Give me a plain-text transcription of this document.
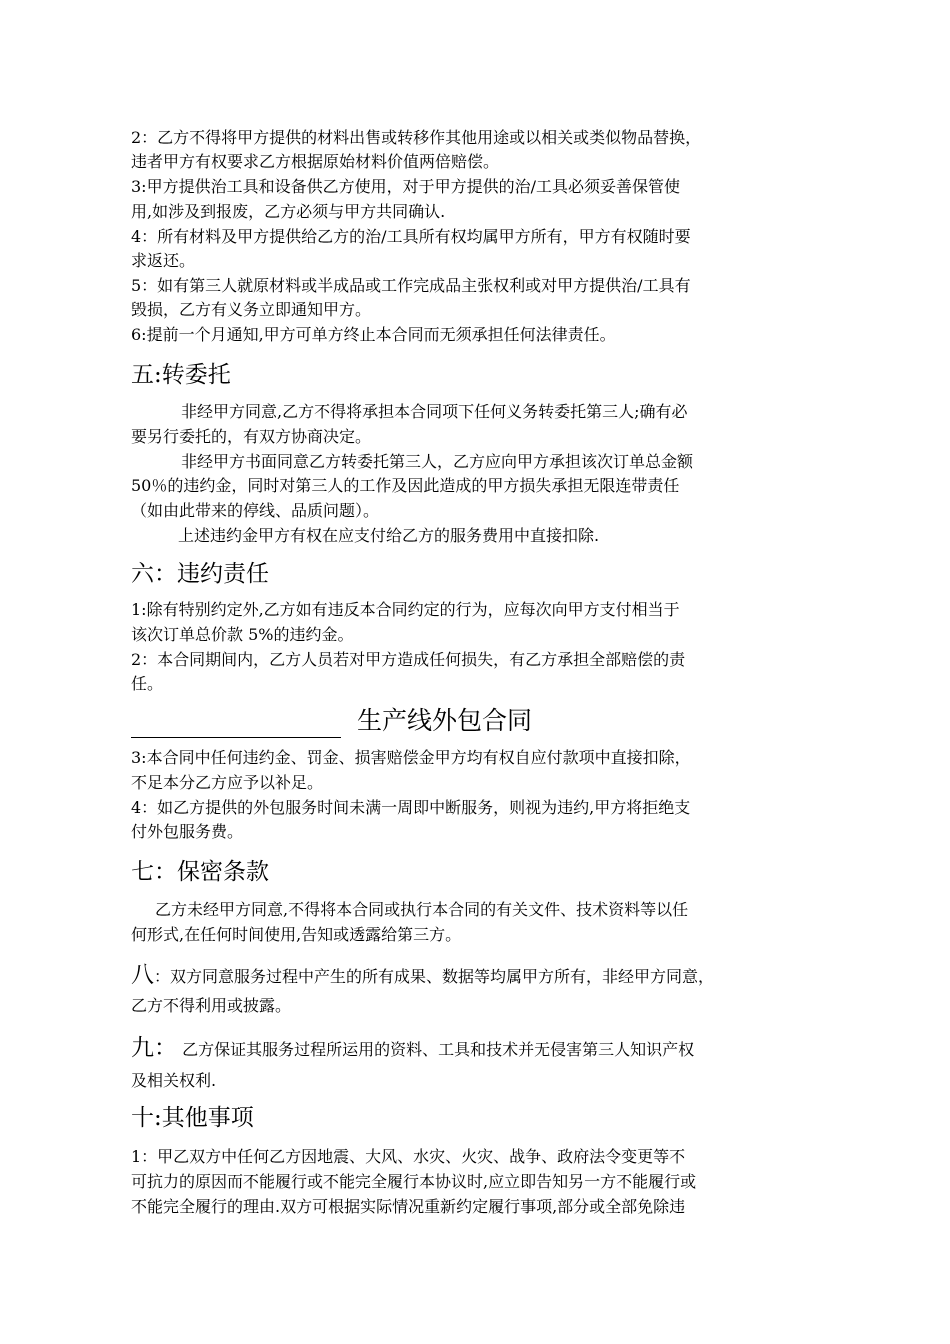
2：乙方不得将甲方提供的材料出售或转移作其他用途或以相关或类似物品替换，
违者甲方有权要求乙方根据原始材料价值两倍赔偿。
3:甲方提供治工具和设备供乙方使用，对于甲方提供的治/工具必须妥善保管使
用,如涉及到报废，乙方必须与甲方共同确认.
4：所有材料及甲方提供给乙方的治/工具所有权均属甲方所有，甲方有权随时要
求返还。
5：如有第三人就原材料或半成品或工作完成品主张权利或对甲方提供治/工具有
毁损，乙方有义务立即通知甲方。
6:提前一个月通知,甲方可单方终止本合同而无须承担任何法律责任。
五:转委托
非经甲方同意,乙方不得将承担本合同项下任何义务转委托第三人;确有必
要另行委托的，有双方协商决定。
非经甲方书面同意乙方转委托第三人，乙方应向甲方承担该次订单总金额
50％的违约金，同时对第三人的工作及因此造成的甲方损失承担无限连带责任
（如由此带来的停线、品质问题）。
上述违约金甲方有权在应支付给乙方的服务费用中直接扣除.
六：违约责任
1:除有特别约定外,乙方如有违反本合同约定的行为，应每次向甲方支付相当于
该次订单总价款 5%的违约金。
2：本合同期间内，乙方人员若对甲方造成任何损失，有乙方承担全部赔偿的责
任。
生产线外包合同
3:本合同中任何违约金、罚金、损害赔偿金甲方均有权自应付款项中直接扣除，
不足本分乙方应予以补足。
4：如乙方提供的外包服务时间未满一周即中断服务，则视为违约,甲方将拒绝支
付外包服务费。
七：保密条款
乙方未经甲方同意,不得将本合同或执行本合同的有关文件、技术资料等以任
何形式,在任何时间使用,告知或透露给第三方。
八：双方同意服务过程中产生的所有成果、数据等均属甲方所有，非经甲方同意，
乙方不得利用或披露。
九： 乙方保证其服务过程所运用的资料、工具和技术并无侵害第三人知识产权
及相关权利.
十:其他事项
1：甲乙双方中任何乙方因地震、大风、水灾、火灾、战争、政府法令变更等不
可抗力的原因而不能履行或不能完全履行本协议时,应立即告知另一方不能履行或
不能完全履行的理由.双方可根据实际情况重新约定履行事项,部分或全部免除违
